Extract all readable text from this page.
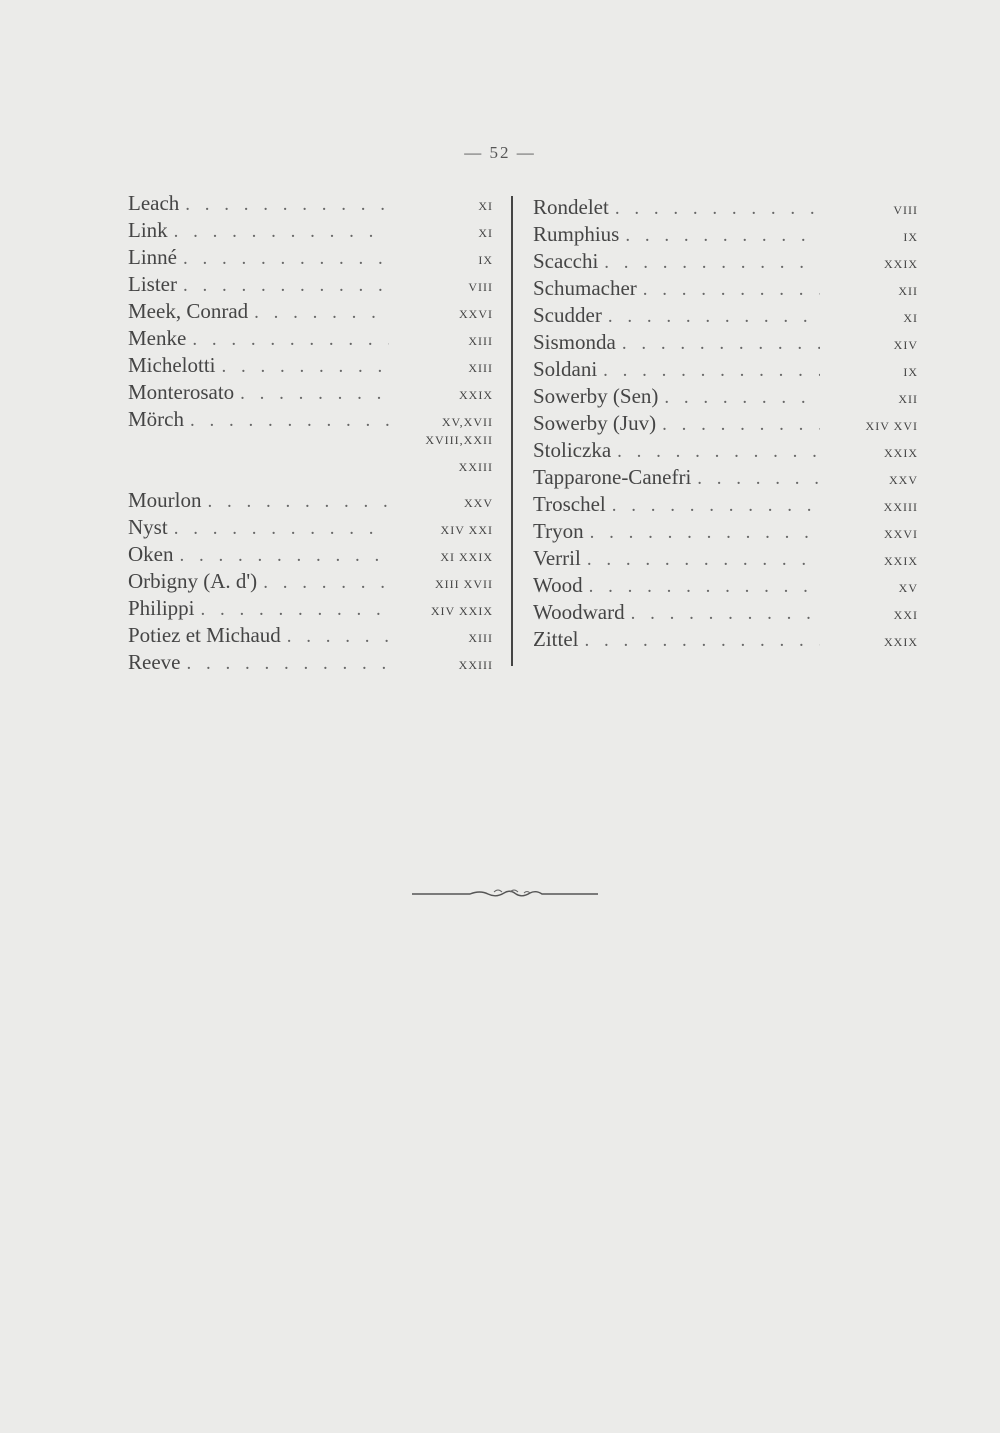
— 52 —
Leach . . .	XI
Link . . .	XI
Linné . . .	IX
Lister . . .	VIII
Meek, Conrad . . .	XXVI
Menke . . .	XIII
Michelotti . . .	XIII
Monterosato . . .	XXIX
Mörch . . .	XV,XVII
XVIII,XXII
XXIII
Mourlon . . .	XXV
Nyst . . .	XIV XXI
Oken . . .	XI XXIX
Orbigny (A. d') . . .	XIII XVII
Philippi . . .	XIV XXIX
Potiez et Michaud . . .	XIII
Reeve . . .	XXIII
Rondelet . . .	VIII
Rumphius . . .	IX
Scacchi . . .	XXIX
Schumacher . . .	XII
Scudder . . .	XI
Sismonda . . .	XIV
Soldani . . .	IX
Sowerby (Sen) . . .	XII
Sowerby (Juv) . . .	XIV XVI
Stoliczka . . .	XXIX
Tapparone-Canefri . . .	XXV
Troschel . . .	XXIII
Tryon . . .	XXVI
Verril . . .	XXIX
Wood . . .	XV
Woodward . . .	XXI
Zittel . . .	XXIX
